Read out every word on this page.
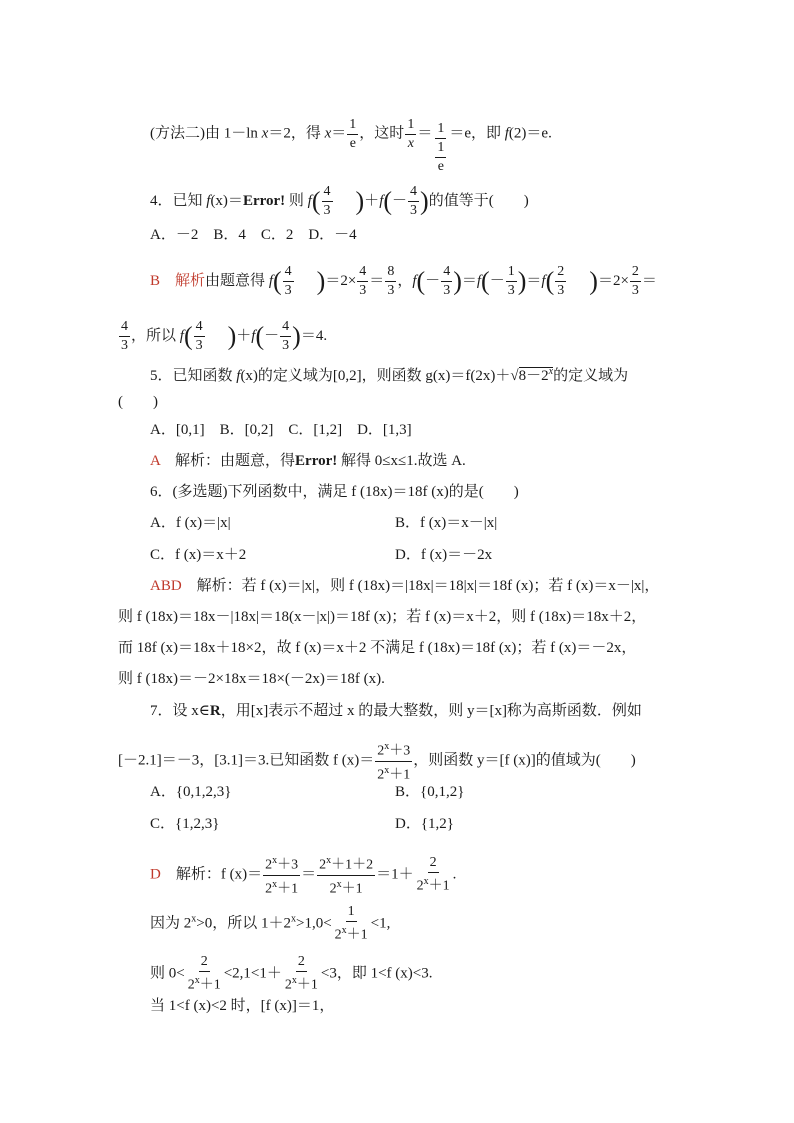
(方法二)由 1－ln x＝2，得 $x= \frac{1}{e}$ ，这时 $\frac{1}{x} = \frac{1}{\frac{1}{e}} =e$，即 f(2)＝e.
4．已知 f(x)＝Error! 则 $f( \frac{4}{3} )+f(- \frac{4}{3}$ )的值等于(　　)
A．－2　B．4　C．2　D．－4
B　 解析由题意得 $f( \frac{4}{3} )=2\times \frac{4}{3} = \frac{8}{3}$ ，$f(- \frac{4}{3} )=f(- \frac{1}{3} )=f( \frac{2}{3} )=2\times \frac{2}{3}$ ＝
$\frac{4}{3}$ ，所以 $f( \frac{4}{3} )+f(- \frac{4}{3} )=4$.
5．已知函数 f(x)的定义域为[0,2]，则函数 $g(x)=f(2x)+√8-2^x$的定义域为
(　　)
A．[0,1]　B．[0,2]　C．[1,2]　D．[1,3]
A　解析：由题意，得Error! 解得 0≤x≤1.故选 A.
6．(多选题)下列函数中，满足 f (18x)＝18f (x)的是(　　)
A．f (x)＝|x|	B．f (x)＝x－|x|
C．f (x)＝x＋2	D．f (x)＝－2x
ABD　解析：若 f (x)＝|x|，则 f (18x)＝|18x|＝18|x|＝18f (x)；若 f (x)＝x－|x|，
则 f (18x)＝18x－|18x|＝18(x－|x|)＝18f (x)；若 f (x)＝x＋2，则 f (18x)＝18x＋2，
而 18f (x)＝18x＋18×2，故 f (x)＝x＋2 不满足 f (18x)＝18f (x)；若 f (x)＝－2x，
则 f (18x)＝－2×18x＝18×(－2x)＝18f (x).
7．设 x∈R，用[x]表示不超过 x 的最大整数，则 y＝[x]称为高斯函数．例如
[－2.1]＝－3，[3.1]＝3.已知函数 f $(x)= \frac{2^x+3}{2^x+1}$ ，则函数 y＝[f (x)]的值域为(　　)
A．{0,1,2,3}	B．{0,1,2}
C．{1,2,3}	D．{1,2}
D　解析：f $(x)= \frac{2^x+3}{2^x+1} = \frac{2^x+1+2}{2^x+1} =1+ \frac{2}{2^x+1}$ .
因为 $2^x>0$，所以 $1+2^x>1,0< \frac{1}{2^x+1} <1$,
则 $0< \frac{2}{2^x+1} <2,1<1+ \frac{2}{2^x+1} <3$，即 1<f (x)<3.
当 1<f (x)<2 时，[f (x)]＝1，
